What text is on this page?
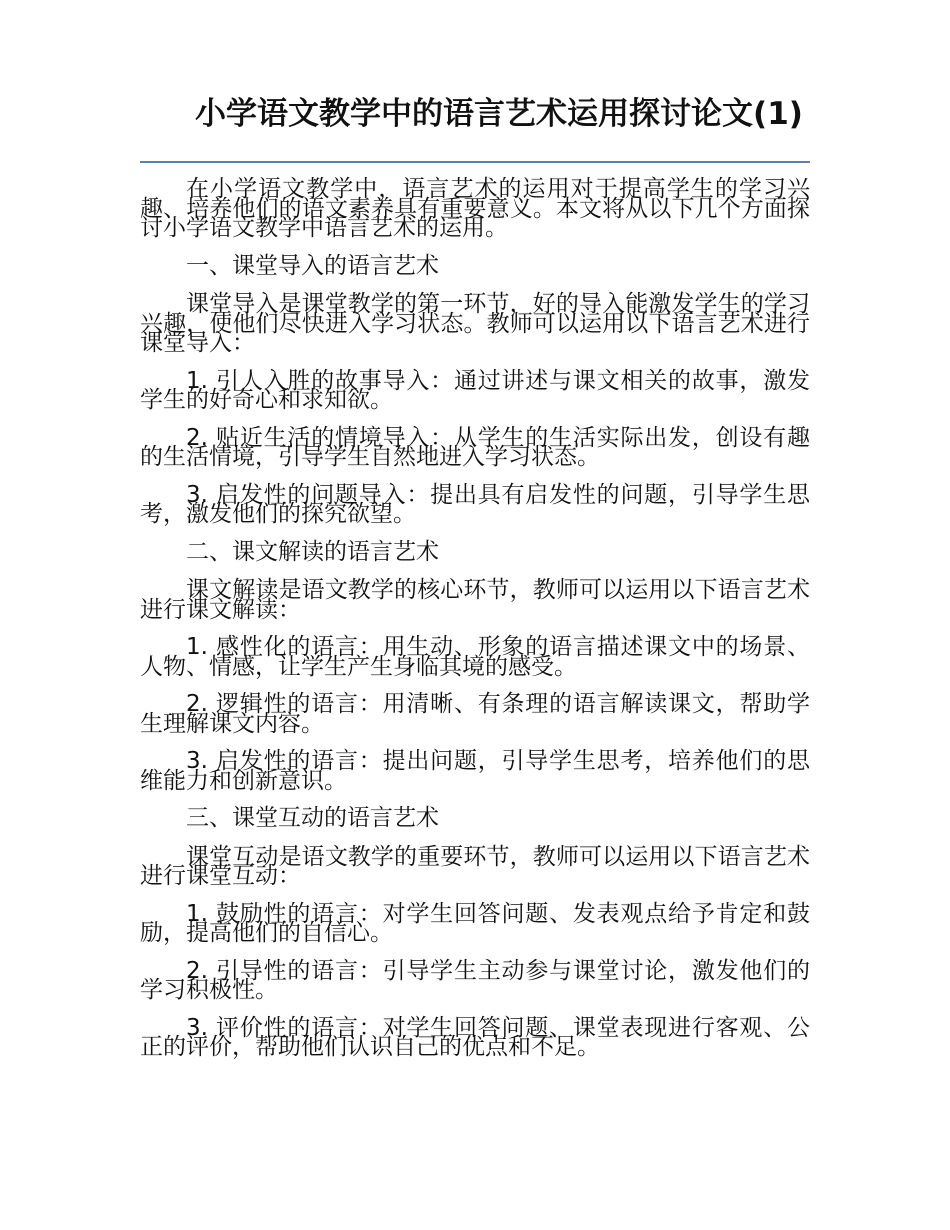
小学语文教学中的语言艺术运用探讨论文(1)

在小学语文教学中，语言艺术的运用对于提高学生的学习兴趣、培养他们的语文素养具有重要意义。本文将从以下几个方面探讨小学语文教学中语言艺术的运用。

一、课堂导入的语言艺术

课堂导入是课堂教学的第一环节，好的导入能激发学生的学习兴趣，使他们尽快进入学习状态。教师可以运用以下语言艺术进行课堂导入：

1. 引人入胜的故事导入：通过讲述与课文相关的故事，激发学生的好奇心和求知欲。

2. 贴近生活的情境导入：从学生的生活实际出发，创设有趣的生活情境，引导学生自然地进入学习状态。

3. 启发性的问题导入：提出具有启发性的问题，引导学生思考，激发他们的探究欲望。

二、课文解读的语言艺术

课文解读是语文教学的核心环节，教师可以运用以下语言艺术进行课文解读：

1. 感性化的语言：用生动、形象的语言描述课文中的场景、人物、情感，让学生产生身临其境的感受。

2. 逻辑性的语言：用清晰、有条理的语言解读课文，帮助学生理解课文内容。

3. 启发性的语言：提出问题，引导学生思考，培养他们的思维能力和创新意识。

三、课堂互动的语言艺术

课堂互动是语文教学的重要环节，教师可以运用以下语言艺术进行课堂互动：

1. 鼓励性的语言：对学生回答问题、发表观点给予肯定和鼓励，提高他们的自信心。

2. 引导性的语言：引导学生主动参与课堂讨论，激发他们的学习积极性。

3. 评价性的语言：对学生回答问题、课堂表现进行客观、公正的评价，帮助他们认识自己的优点和不足。
